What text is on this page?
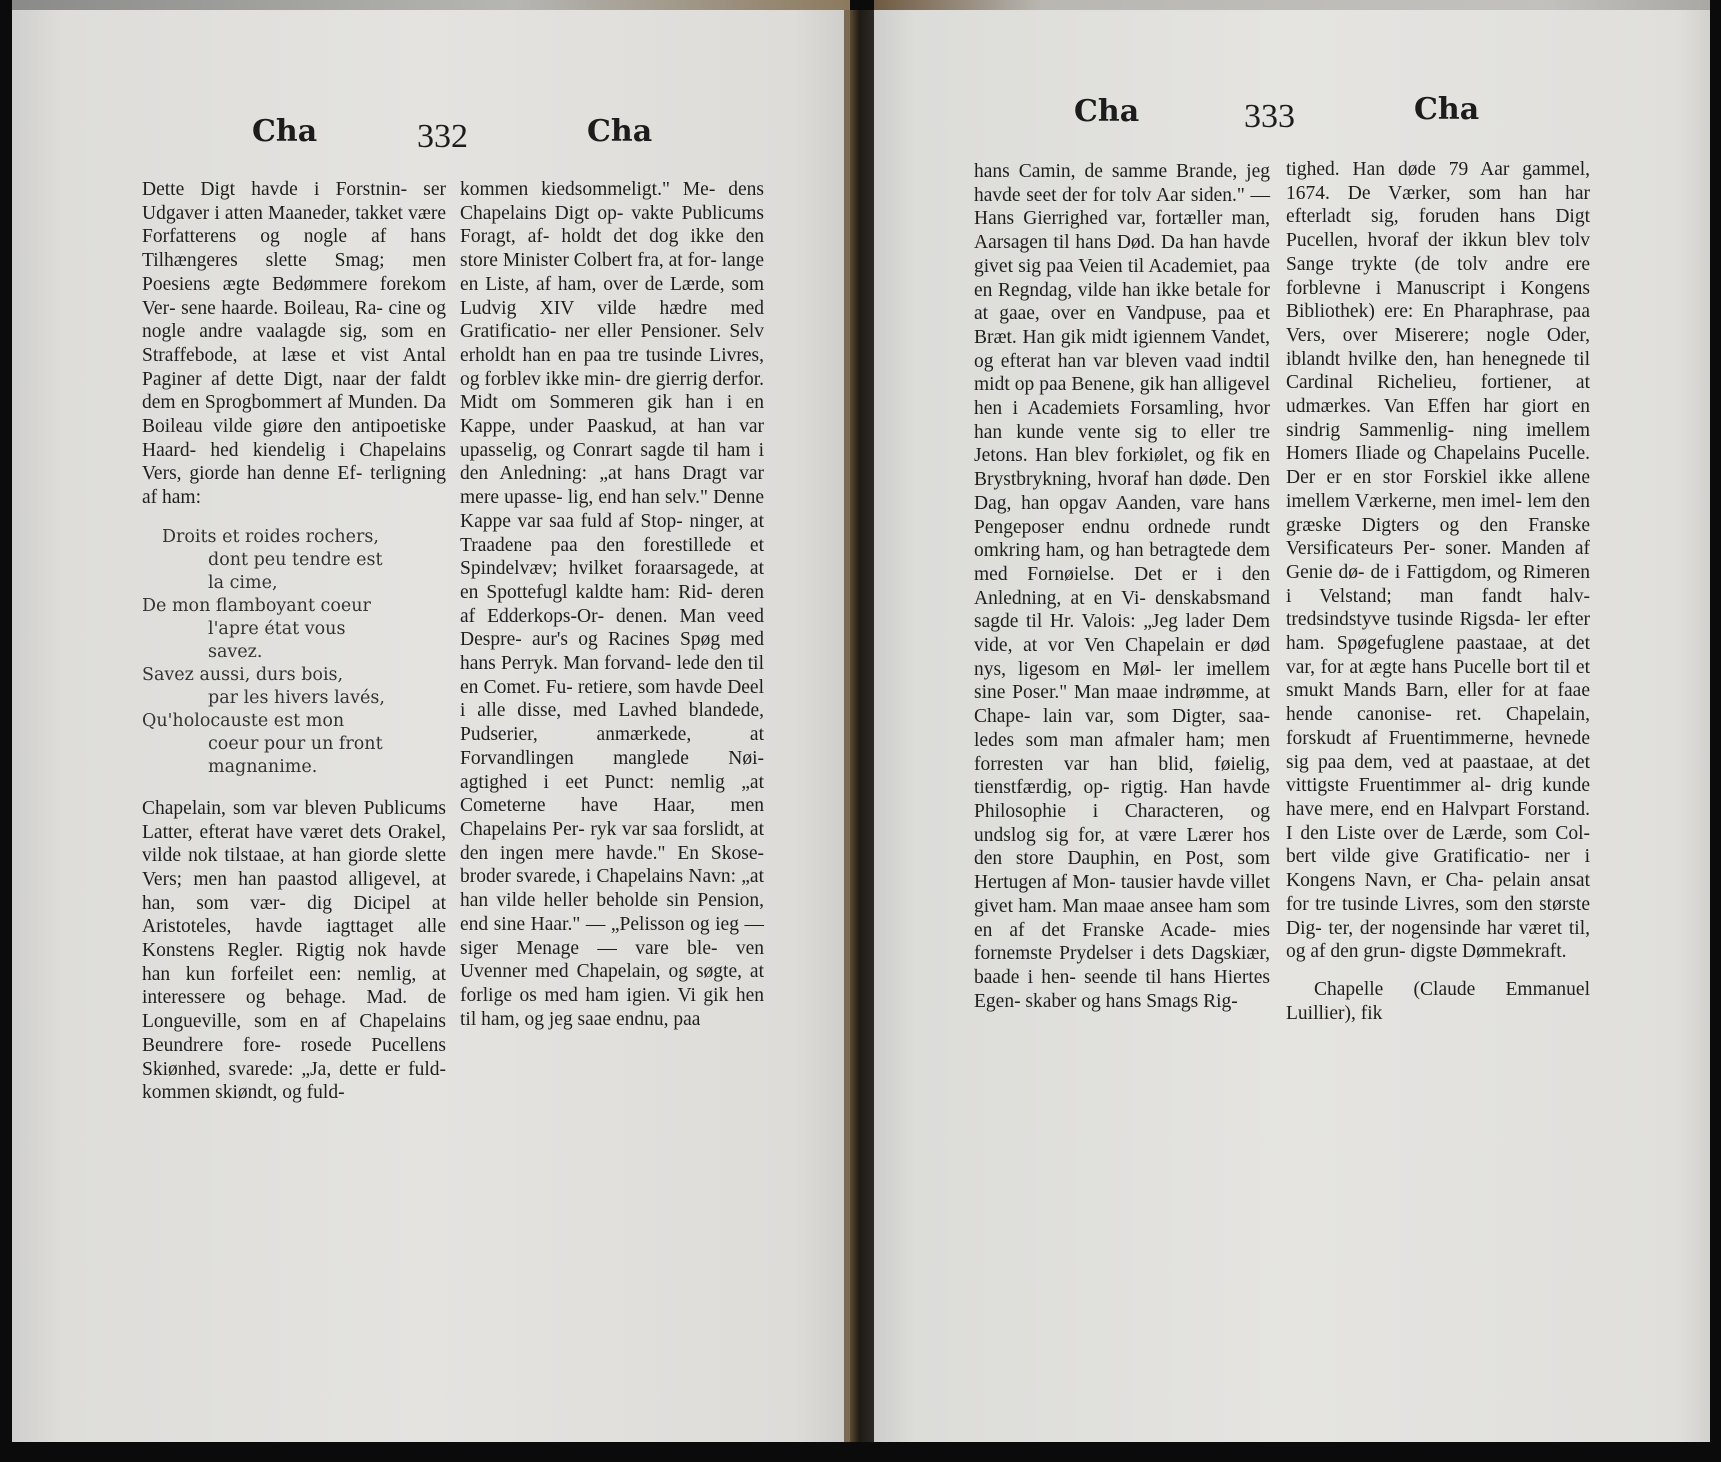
Cha	332	Cha

Dette Digt havde i Forstnin‑ ser Udgaver i atten Maaneder, takket være Forfatterens og nogle af hans Tilhængeres slette Smag; men Poesiens ægte Bedømmere forekom Ver‑ sene haarde. Boileau, Ra‑ cine og nogle andre vaalagde sig, som en Straffebode, at læse et vist Antal Paginer af dette Digt, naar der faldt dem en Sprogbommert af Munden. Da Boileau vilde giøre den antipoetiske Haard‑ hed kiendelig i Chapelains Vers, giorde han denne Ef‑ terligning af ham:

Droits et roides rochers,
dont peu tendre est
la cime,
De mon flamboyant coeur
l'apre état vous
savez.
Savez aussi, durs bois,
par les hivers lavés,
Qu'holocauste est mon
coeur pour un front
magnanime.

Chapelain, som var bleven Publicums Latter, efterat have været dets Orakel, vilde nok tilstaae, at han giorde slette Vers; men han paastod alligevel, at han, som vær‑ dig Dicipel at Aristoteles, havde iagttaget alle Konstens Regler. Rigtig nok havde han kun forfeilet een: nemlig, at interessere og behage. Mad. de Longueville, som en af Chapelains Beundrere fore‑ rosede Pucellens Skiønhed, svarede: „Ja, dette er fuld‑ kommen skiøndt, og fuld‑

kommen kiedsommeligt." Me‑ dens Chapelains Digt op‑ vakte Publicums Foragt, af‑ holdt det dog ikke den store Minister Colbert fra, at for‑ lange en Liste, af ham, over de Lærde, som Ludvig XIV vilde hædre med Gratificatio‑ ner eller Pensioner. Selv erholdt han en paa tre tusinde Livres, og forblev ikke min‑ dre gierrig derfor. Midt om Sommeren gik han i en Kappe, under Paaskud, at han var upasselig, og Conrart sagde til ham i den Anledning: „at hans Dragt var mere upasse‑ lig, end han selv." Denne Kappe var saa fuld af Stop‑ ninger, at Traadene paa den forestillede et Spindelvæv; hvilket foraarsagede, at en Spottefugl kaldte ham: Rid‑ deren af Edderkops‑Or‑ denen. Man veed Despre‑ aur's og Racines Spøg med hans Perryk. Man forvand‑ lede den til en Comet. Fu‑ retiere, som havde Deel i alle disse, med Lavhed blandede, Pudserier, anmærkede, at Forvandlingen manglede Nøi‑ agtighed i eet Punct: nemlig „at Cometerne have Haar, men Chapelains Per‑ ryk var saa forslidt, at den ingen mere havde." En Skose‑ broder svarede, i Chapelains Navn: „at han vilde heller beholde sin Pension, end sine Haar." — „Pelisson og ieg — siger Menage — vare ble‑ ven Uvenner med Chapelain, og søgte, at forlige os med ham igien. Vi gik hen til ham, og jeg saae endnu, paa

Cha	333	Cha

hans Camin, de samme Brande, jeg havde seet der for tolv Aar siden." — Hans Gierrighed var, fortæller man, Aarsagen til hans Død. Da han havde givet sig paa Veien til Academiet, paa en Regndag, vilde han ikke betale for at gaae, over en Vandpuse, paa et Bræt. Han gik midt igiennem Vandet, og efterat han var bleven vaad indtil midt op paa Benene, gik han alligevel hen i Academiets Forsamling, hvor han kunde vente sig to eller tre Jetons. Han blev forkiølet, og fik en Brystbrykning, hvoraf han døde. Den Dag, han opgav Aanden, vare hans Pengeposer endnu ordnede rundt omkring ham, og han betragtede dem med Fornøielse. Det er i den Anledning, at en Vi‑ denskabsmand sagde til Hr. Valois: „Jeg lader Dem vide, at vor Ven Chapelain er død nys, ligesom en Møl‑ ler imellem sine Poser." Man maae indrømme, at Chape‑ lain var, som Digter, saa‑ ledes som man afmaler ham; men forresten var han blid, føielig, tienstfærdig, op‑ rigtig. Han havde Philosophie i Characteren, og undslog sig for, at være Lærer hos den store Dauphin, en Post, som Hertugen af Mon‑ tausier havde villet givet ham. Man maae ansee ham som en af det Franske Acade‑ mies fornemste Prydelser i dets Dagskiær, baade i hen‑ seende til hans Hiertes Egen‑ skaber og hans Smags Rig‑

tighed. Han døde 79 Aar gammel, 1674. De Værker, som han har efterladt sig, foruden hans Digt Pucellen, hvoraf der ikkun blev tolv Sange trykte (de tolv andre ere forblevne i Manuscript i Kongens Bibliothek) ere: En Pharaphrase, paa Vers, over Miserere; nogle Oder, iblandt hvilke den, han henegnede til Cardinal Richelieu, fortiener, at udmærkes. Van Effen har giort en sindrig Sammenlig‑ ning imellem Homers Iliade og Chapelains Pucelle. Der er en stor Forskiel ikke allene imellem Værkerne, men imel‑ lem den græske Digters og den Franske Versificateurs Per‑ soner. Manden af Genie dø‑ de i Fattigdom, og Rimeren i Velstand; man fandt halv‑ tredsindstyve tusinde Rigsda‑ ler efter ham. Spøgefuglene paastaae, at det var, for at ægte hans Pucelle bort til et smukt Mands Barn, eller for at faae hende canonise‑ ret. Chapelain, forskudt af Fruentimmerne, hevnede sig paa dem, ved at paastaae, at det vittigste Fruentimmer al‑ drig kunde have mere, end en Halvpart Forstand. I den Liste over de Lærde, som Col‑ bert vilde give Gratificatio‑ ner i Kongens Navn, er Cha‑ pelain ansat for tre tusinde Livres, som den største Dig‑ ter, der nogensinde har været til, og af den grun‑ digste Dømmekraft.

Chapelle (Claude Emmanuel Luillier), fik
